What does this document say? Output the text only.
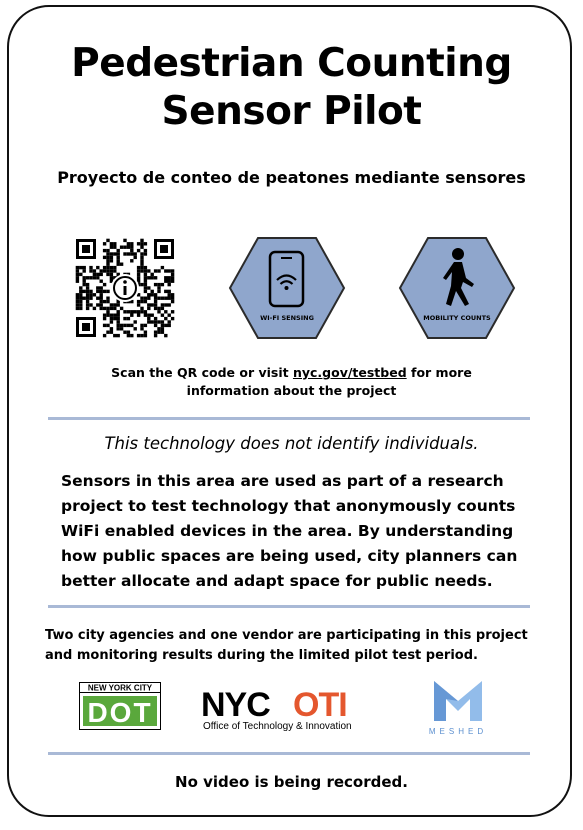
Pedestrian Counting
Sensor Pilot
Proyecto de conteo de peatones mediante sensores
WI-FI SENSING	MOBILITY COUNTS
Scan the QR code or visit nyc.gov/testbed for more
information about the project
This technology does not identify individuals.
Sensors in this area are used as part of a research project to test technology that anonymously counts WiFi enabled devices in the area. By understanding how public spaces are being used, city planners can better allocate and adapt space for public needs.
Two city agencies and one vendor are participating in this project and monitoring results during the limited pilot test period.
NEW YORK CITY
DOT NYC OTI
Office of Technology & Innovation	MESHED
No video is being recorded.
